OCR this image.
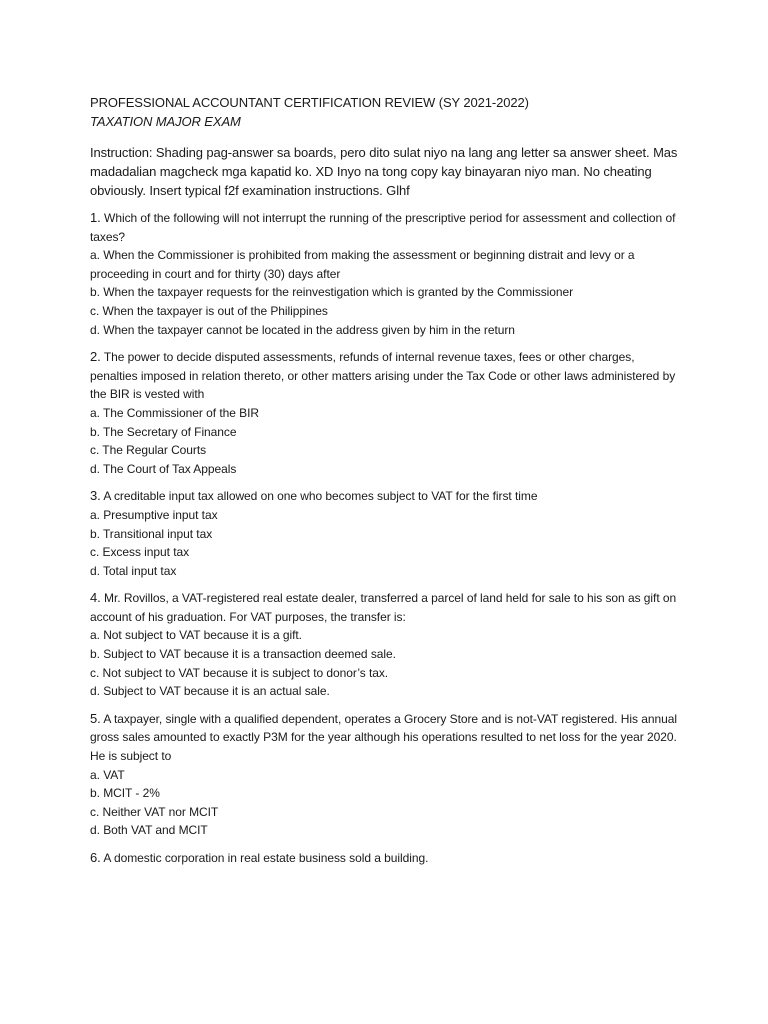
PROFESSIONAL ACCOUNTANT CERTIFICATION REVIEW (SY 2021-2022)

TAXATION MAJOR EXAM

Instruction: Shading pag-answer sa boards, pero dito sulat niyo na lang ang letter sa answer sheet. Mas madadalian magcheck mga kapatid ko. XD Inyo na tong copy kay binayaran niyo man. No cheating obviously. Insert typical f2f examination instructions. Glhf

1. Which of the following will not interrupt the running of the prescriptive period for assessment and collection of taxes?
a. When the Commissioner is prohibited from making the assessment or beginning distrait and levy or a proceeding in court and for thirty (30) days after
b. When the taxpayer requests for the reinvestigation which is granted by the Commissioner
c. When the taxpayer is out of the Philippines
d. When the taxpayer cannot be located in the address given by him in the return
2. The power to decide disputed assessments, refunds of internal revenue taxes, fees or other charges, penalties imposed in relation thereto, or other matters arising under the Tax Code or other laws administered by the BIR is vested with
a. The Commissioner of the BIR
b. The Secretary of Finance
c. The Regular Courts
d. The Court of Tax Appeals
3. A creditable input tax allowed on one who becomes subject to VAT for the first time
a. Presumptive input tax
b. Transitional input tax
c. Excess input tax
d. Total input tax
4. Mr. Rovillos, a VAT-registered real estate dealer, transferred a parcel of land held for sale to his son as gift on account of his graduation. For VAT purposes, the transfer is:
a. Not subject to VAT because it is a gift.
b. Subject to VAT because it is a transaction deemed sale.
c. Not subject to VAT because it is subject to donor’s tax.
d. Subject to VAT because it is an actual sale.
5. A taxpayer, single with a qualified dependent, operates a Grocery Store and is not-VAT registered. His annual gross sales amounted to exactly P3M for the year although his operations resulted to net loss for the year 2020. He is subject to
a. VAT
b. MCIT - 2%
c. Neither VAT nor MCIT
d. Both VAT and MCIT
6. A domestic corporation in real estate business sold a building.
